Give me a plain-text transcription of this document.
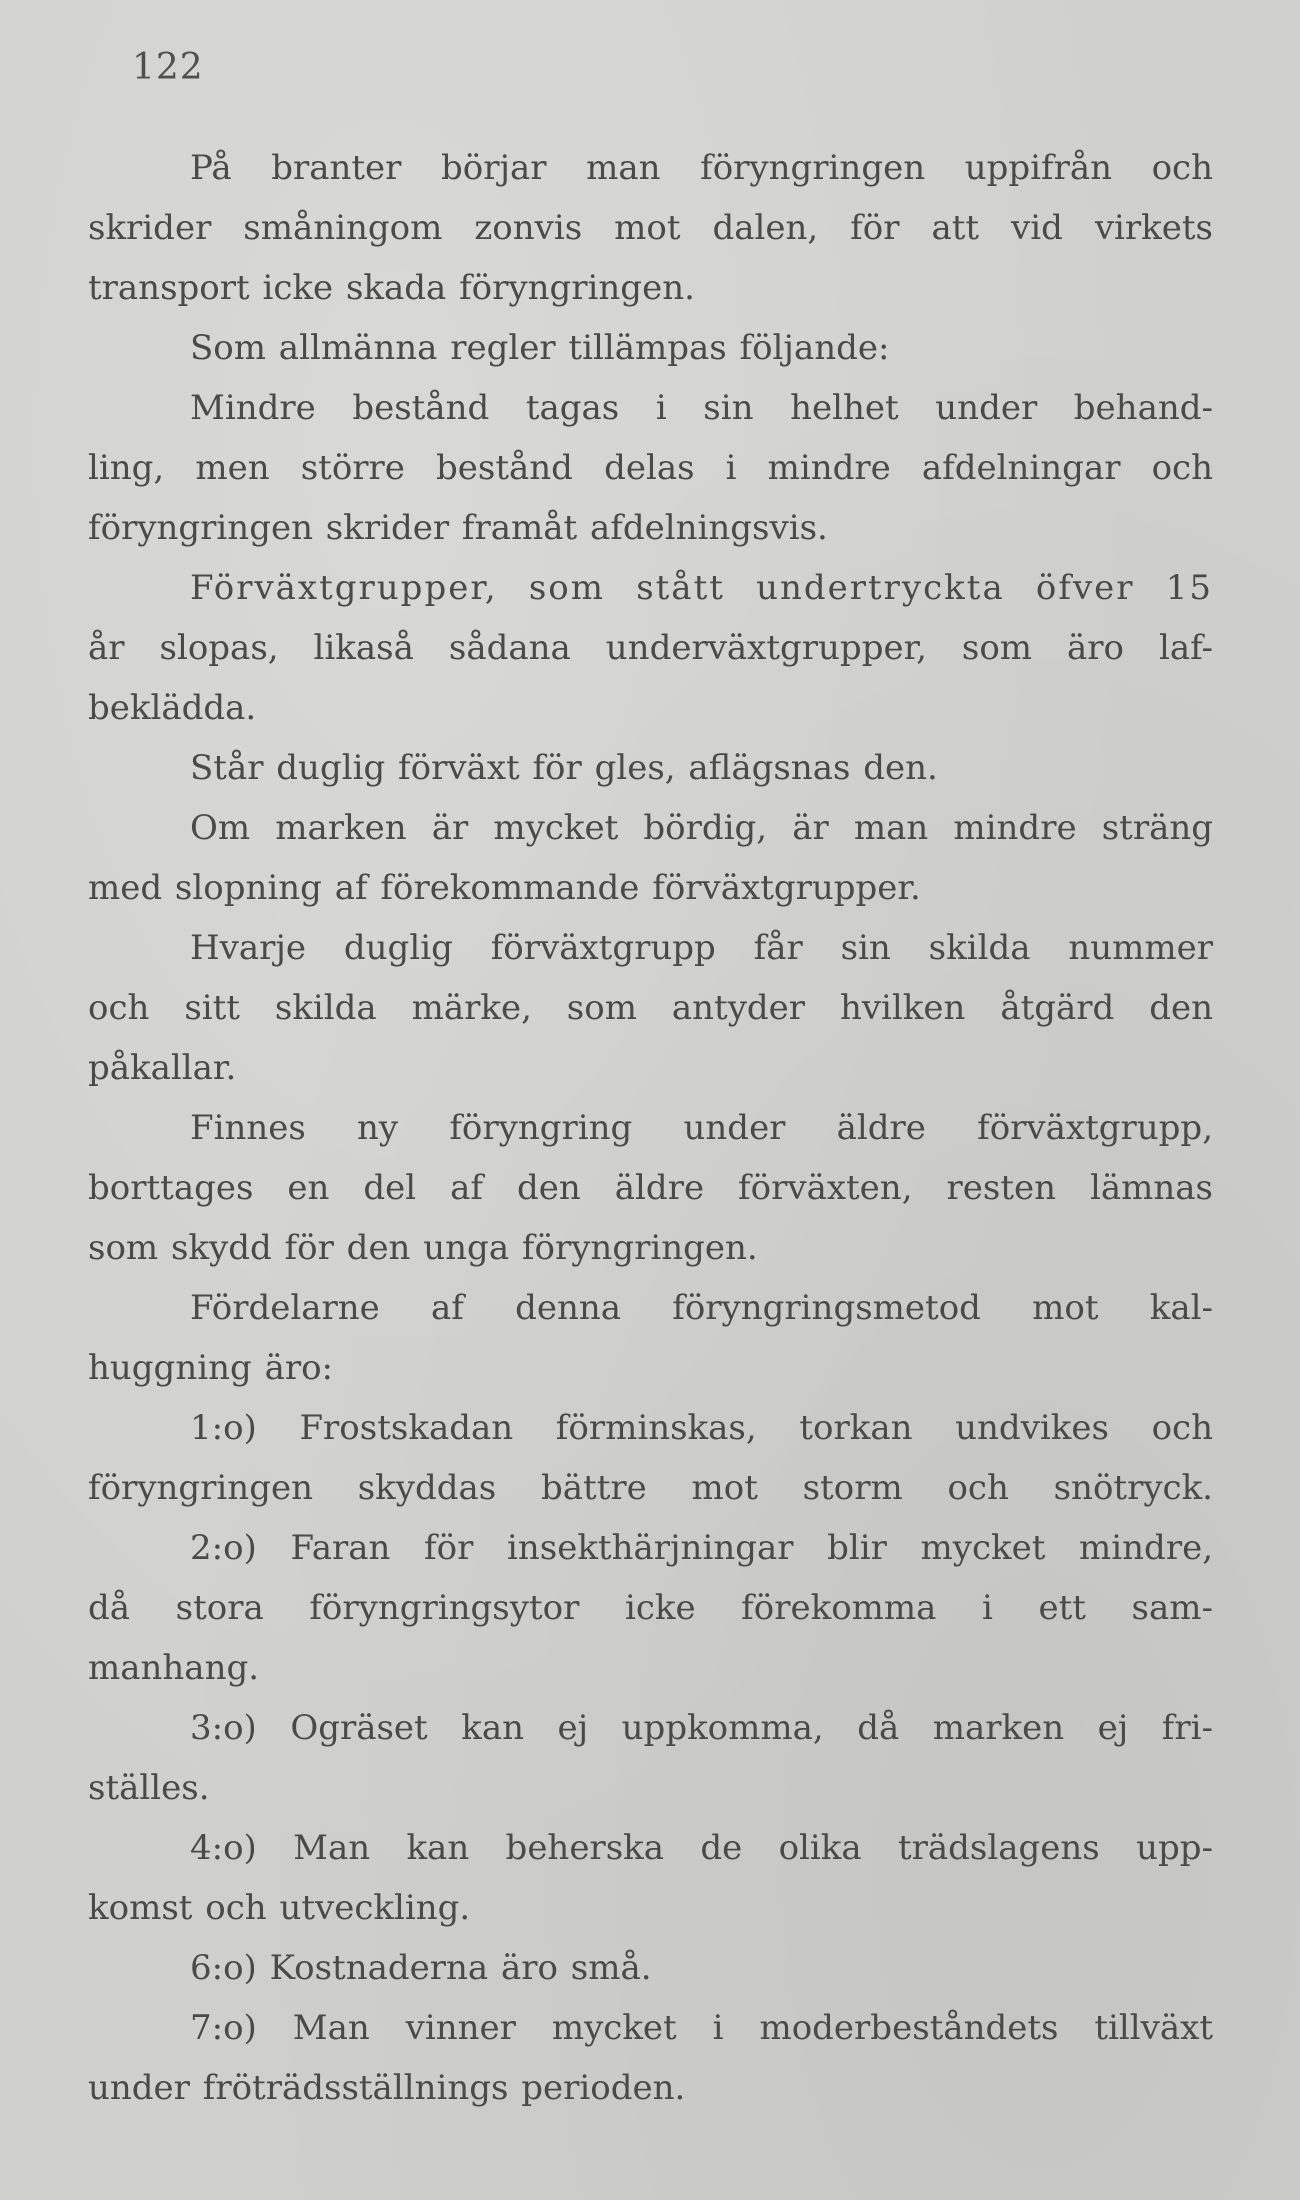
122
På branter börjar man föryngringen uppifrån och
skrider småningom zonvis mot dalen, för att vid virkets
transport icke skada föryngringen.
Som allmänna regler tillämpas följande:
Mindre bestånd tagas i sin helhet under behand-
ling, men större bestånd delas i mindre afdelningar och
föryngringen skrider framåt afdelningsvis.
Förväxtgrupper, som stått undertryckta öfver 15
år slopas, likaså sådana underväxtgrupper, som äro laf-
beklädda.
Står duglig förväxt för gles, aflägsnas den.
Om marken är mycket bördig, är man mindre sträng
med slopning af förekommande förväxtgrupper.
Hvarje duglig förväxtgrupp får sin skilda nummer
och sitt skilda märke, som antyder hvilken åtgärd den
påkallar.
Finnes ny föryngring under äldre förväxtgrupp,
borttages en del af den äldre förväxten, resten lämnas
som skydd för den unga föryngringen.
Fördelarne af denna föryngringsmetod mot kal-
huggning äro:
1:o) Frostskadan förminskas, torkan undvikes och
föryngringen skyddas bättre mot storm och snötryck.
2:o) Faran för insekthärjningar blir mycket mindre,
då stora föryngringsytor icke förekomma i ett sam-
manhang.
3:o) Ogräset kan ej uppkomma, då marken ej fri-
ställes.
4:o) Man kan beherska de olika trädslagens upp-
komst och utveckling.
6:o) Kostnaderna äro små.
7:o) Man vinner mycket i moderbeståndets tillväxt
under fröträdsställnings perioden.
